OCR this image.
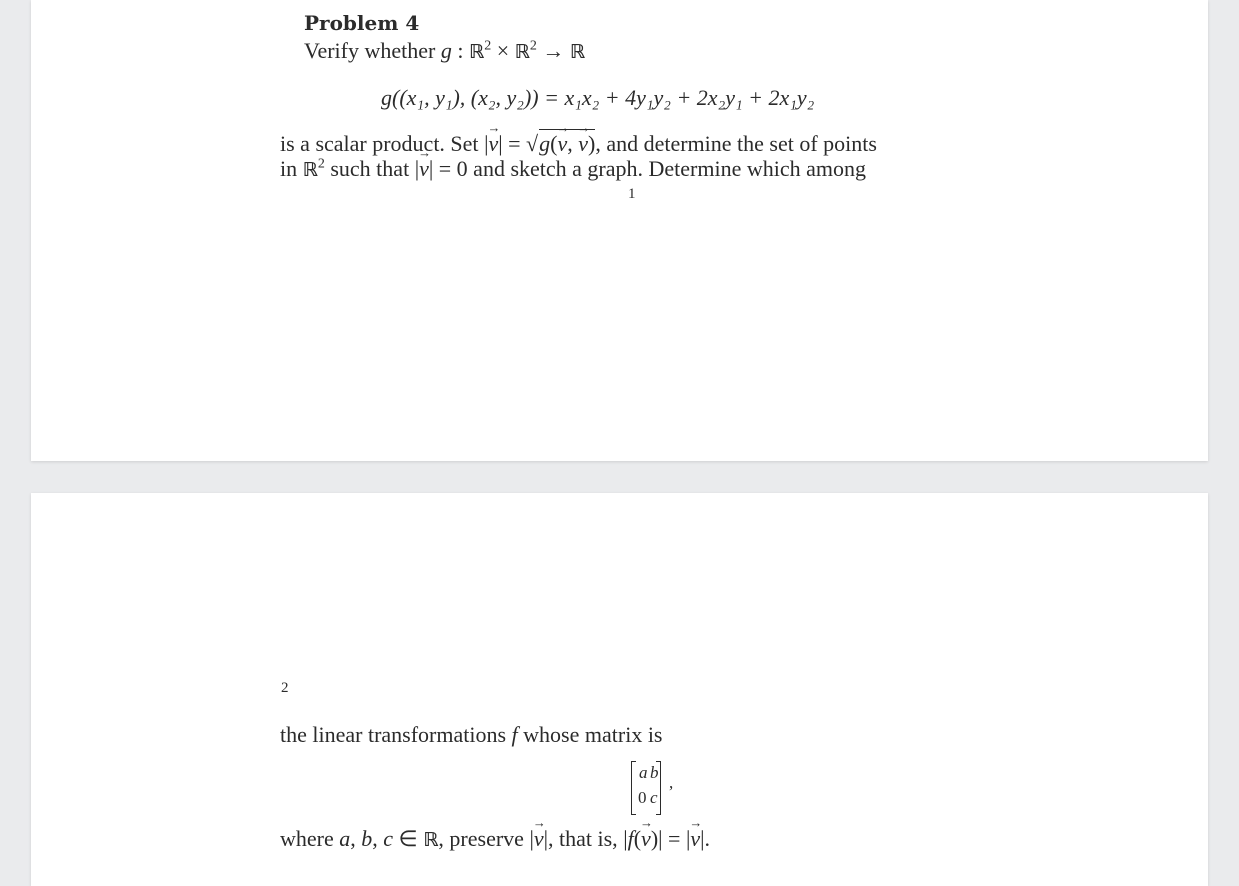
Problem 4
Verify whether g : ℝ$^2$ × ℝ$^2$ → ℝ
g((x₁, y₁), (x₂, y₂)) = x₁x₂ + 4y₁y₂ + 2x₂y₁ + 2x₁y₂
is a scalar product. Set |→ v| = √g(→ v, → v), and determine the set of points
in ℝ$^2$ such that |→ v| = 0 and sketch a graph. Determine which among
1
2
the linear transformations f whose matrix is
a b
0 c
,
where a, b, c ∈ ℝ, preserve |→ v|, that is, |f(→ v)| = |→ v|.
